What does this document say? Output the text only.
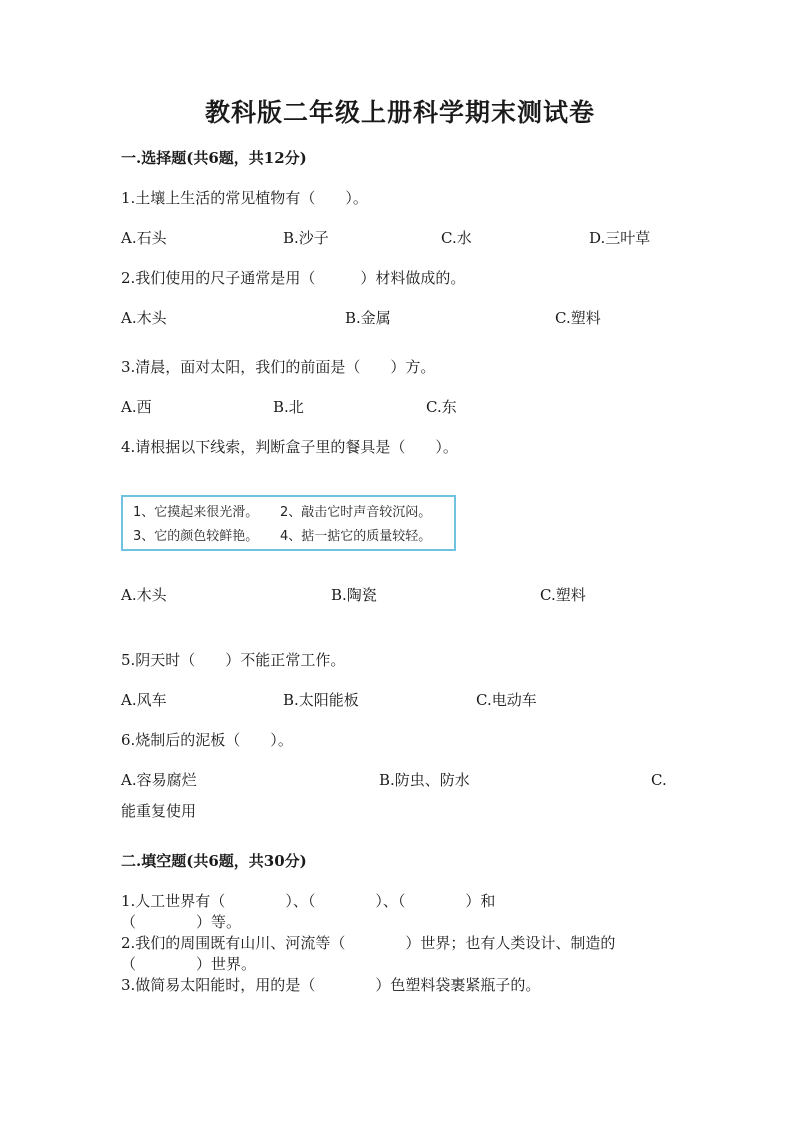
教科版二年级上册科学期末测试卷
一.选择题(共6题，共12分)
1.土壤上生活的常见植物有（　　）。
A.石头	B.沙子	C.水	D.三叶草
2.我们使用的尺子通常是用（　　　）材料做成的。
A.木头	B.金属	C.塑料
3.清晨，面对太阳，我们的前面是（　　）方。
A.西	B.北	C.东
4.请根据以下线索，判断盒子里的餐具是（　　）。
1、它摸起来很光滑。 2、敲击它时声音较沉闷。
3、它的颜色较鲜艳。 4、掂一掂它的质量较轻。
A.木头	B.陶瓷	C.塑料
5.阴天时（　　）不能正常工作。
A.风车	B.太阳能板	C.电动车
6.烧制后的泥板（　　）。
A.容易腐烂	B.防虫、防水	C.
能重复使用
二.填空题(共6题，共30分)
1.人工世界有（　　　　）、（　　　　）、（　　　　）和
（　　　　）等。
2.我们的周围既有山川、河流等（　　　　）世界；也有人类设计、制造的
（　　　　）世界。
3.做简易太阳能时，用的是（　　　　）色塑料袋裹紧瓶子的。
